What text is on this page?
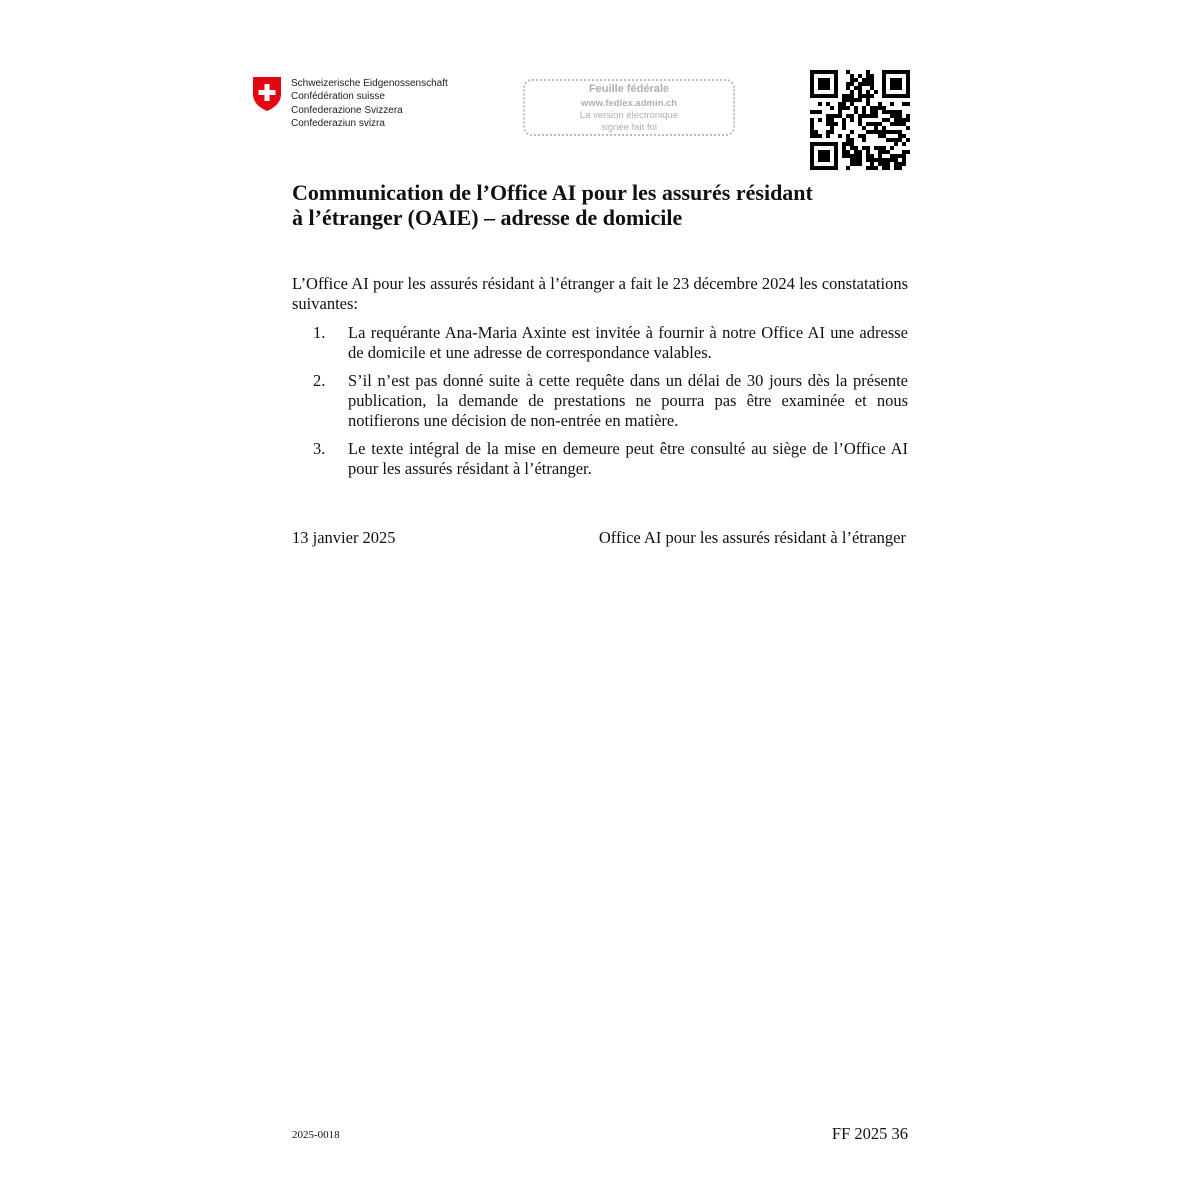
Schweizerische Eidgenossenschaft
Confédération suisse
Confederazione Svizzera
Confederaziun svizra
Feuille fédérale
www.fedlex.admin.ch
La version électronique
signée fait foi
Communication de l’Office AI pour les assurés résidant
à l’étranger (OAIE) – adresse de domicile

L’Office AI pour les assurés résidant à l’étranger a fait le 23 décembre 2024 les constatations suivantes:

1.	La requérante Ana-Maria Axinte est invitée à fournir à notre Office AI une adresse de domicile et une adresse de correspondance valables.
2.	S’il n’est pas donné suite à cette requête dans un délai de 30 jours dès la présente publication, la demande de prestations ne pourra pas être examinée et nous notifierons une décision de non-entrée en matière.
3.	Le texte intégral de la mise en demeure peut être consulté au siège de l’Office AI pour les assurés résidant à l’étranger.
13 janvier 2025	Office AI pour les assurés résidant à l’étranger
2025-0018	FF 2025 36
